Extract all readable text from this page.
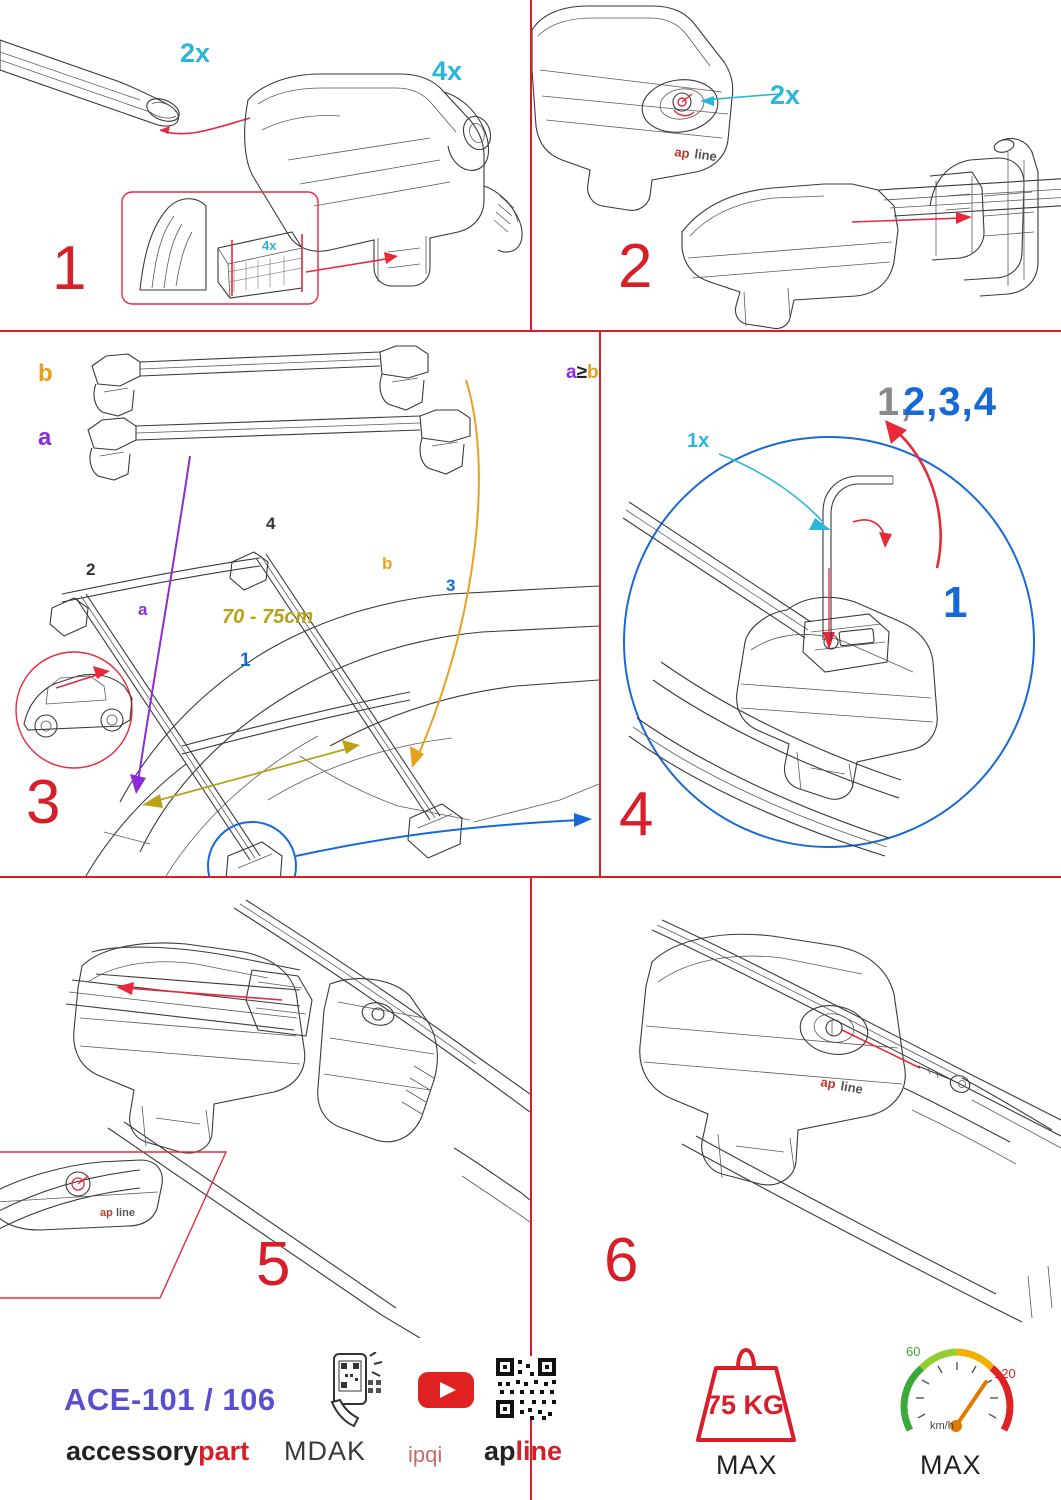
2x
4x
4x
1
ap line
2x
2
b
a
a
b
70 - 75cm
2
4
3
1
3
1x
1,
2,3,4
1
4
a≥b
ap line
5
ap line
6
ACE-101 / 106
accessorypart MDAK ipqi apline
75 KG
MAX
60
120
km/h
MAX
